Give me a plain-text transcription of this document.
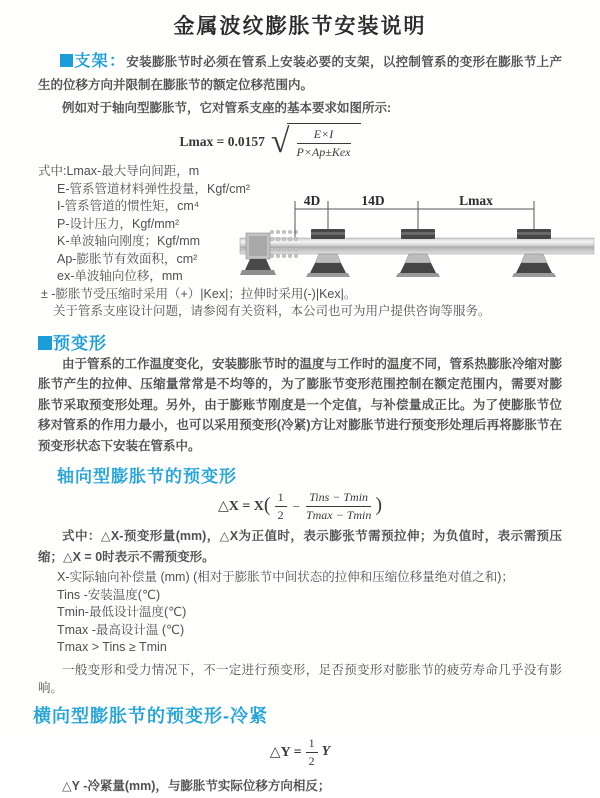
金属波纹膨胀节安装说明

支架：安装膨胀节时必须在管系上安装必要的支架，以控制管系的变形在膨胀节上产生的位移方向并限制在膨胀节的额定位移范围内。

例如对于轴向型膨胀节，它对管系支座的基本要求如图所示:

Lmax = 0.0157 √ $\frac{E\times I}{\text{P×Ap±Kex}}$
式中:Lmax-最大导向间距，m
E-管系管道材料弹性投量，Kgf/cm²
I-管系管道的惯性矩，cm⁴
P-设计压力，Kgf/mm²
K-单波轴向刚度；Kgf/mm
Ap-膨胀节有效面积，cm²
ex-单波轴向位移，mm
± -膨胀节受压缩时采用（+）|Kex|；拉伸时采用(-)|Kex|。
关于管系支座设计问题，请参阅有关资料，本公司也可为用户提供咨询等服务。
预变形

由于管系的工作温度变化，安装膨胀节时的温度与工作时的温度不同，管系热膨胀冷缩对膨胀节产生的拉伸、压缩量常常是不均等的，为了膨胀节变形范围控制在额定范围内，需要对膨胀节采取预变形处理。另外，由于膨账节刚度是一个定值，与补偿量成正比。为了使膨胀节位移对管系的作用力最小，也可以采用预变形(冷紧)方让对膨胀节进行预变形处理后再将膨胀节在预变形状态下安装在管系中。

轴向型膨胀节的预变形
△X = X ( $\frac{1}{2} - \frac{\text{Tins − Tmin}}{Tmax - Tmin}$ )

式中：△X-预变形量(mm)，△X为正值时，表示膨张节需预拉伸；为负值时，表示需预压缩；△X = 0时表示不需预变形。

X-实际轴向补偿量 (mm) (相对于膨胀节中间状态的拉伸和压缩位移量绝对值之和)；
Tins -安装温度(℃)
Tmin-最低设计温度(℃)
Tmax -最高设计温 (℃)
Tmax > Tins ≥ Tmin

一般变形和受力情况下，不一定进行预变形，足否预变形对膨胀节的疲劳寿命几乎没有影响。

横向型膨胀节的预变形-冷紧
△Y = $\frac{1}{2}$ Y

△Y -冷紧量(mm)，与膨胀节实际位移方向相反；

4D	14D	Lmax
